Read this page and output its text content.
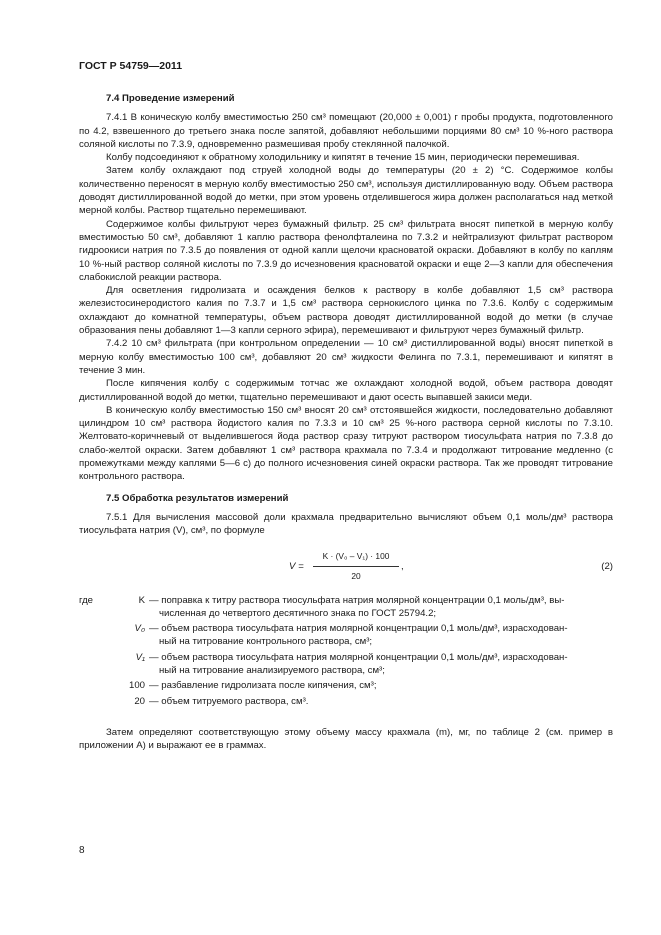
ГОСТ Р 54759—2011

7.4 Проведение измерений

7.4.1 В коническую колбу вместимостью 250 см³ помещают (20,000 ± 0,001) г пробы продукта, подготовленного по 4.2, взвешенного до третьего знака после запятой, добавляют небольшими порциями 80 см³ 10 %-ного раствора соляной кислоты по 7.3.9, одновременно размешивая пробу стеклянной палочкой.

Колбу подсоединяют к обратному холодильнику и кипятят в течение 15 мин, периодически перемешивая.

Затем колбу охлаждают под струей холодной воды до температуры (20 ± 2) °С. Содержимое колбы количественно переносят в мерную колбу вместимостью 250 см³, используя дистиллированную воду. Объем раствора доводят дистиллированной водой до метки, при этом уровень отделившегося жира должен располагаться над меткой мерной колбы. Раствор тщательно перемешивают.

Содержимое колбы фильтруют через бумажный фильтр. 25 см³ фильтрата вносят пипеткой в мерную колбу вместимостью 50 см³, добавляют 1 каплю раствора фенолфталеина по 7.3.2 и нейтрализуют фильтрат раствором гидроокиси натрия по 7.3.5 до появления от одной капли щелочи красноватой окраски. Добавляют в колбу по каплям 10 %-ный раствор соляной кислоты по 7.3.9 до исчезновения красноватой окраски и еще 2—3 капли для обеспечения слабокислой реакции раствора.

Для осветления гидролизата и осаждения белков к раствору в колбе добавляют 1,5 см³ раствора железистосинеродистого калия по 7.3.7 и 1,5 см³ раствора сернокислого цинка по 7.3.6. Колбу с содержимым охлаждают до комнатной температуры, объем раствора доводят дистиллированной водой до метки (в случае образования пены добавляют 1—3 капли серного эфира), перемешивают и фильтруют через бумажный фильтр.

7.4.2 10 см³ фильтрата (при контрольном определении — 10 см³ дистиллированной воды) вносят пипеткой в мерную колбу вместимостью 100 см³, добавляют 20 см³ жидкости Фелинга по 7.3.1, перемешивают и кипятят в течение 3 мин.

После кипячения колбу с содержимым тотчас же охлаждают холодной водой, объем раствора доводят дистиллированной водой до метки, тщательно перемешивают и дают осесть выпавшей закиси меди.

В коническую колбу вместимостью 150 см³ вносят 20 см³ отстоявшейся жидкости, последовательно добавляют цилиндром 10 см³ раствора йодистого калия по 7.3.3 и 10 см³ 25 %-ного раствора серной кислоты по 7.3.10. Желтовато-коричневый от выделившегося йода раствор сразу титруют раствором тиосульфата натрия по 7.3.8 до слабо-желтой окраски. Затем добавляют 1 см³ раствора крахмала по 7.3.4 и продолжают титрование медленно (с промежутками между каплями 5—6 с) до полного исчезновения синей окраски раствора. Так же проводят титрование контрольного раствора.

7.5 Обработка результатов измерений

7.5.1 Для вычисления массовой доли крахмала предварительно вычисляют объем 0,1 моль/дм³ раствора тиосульфата натрия (V), см³, по формуле

$V = \frac{\text{K · (V₀ – V₁) · 100}}{20}$ ,	(2)
где	K — поправка к титру раствора тиосульфата натрия молярной концентрации 0,1 моль/дм³, вы-
численная до четвертого десятичного знака по ГОСТ 25794.2;
V₀ — объем раствора тиосульфата натрия молярной концентрации 0,1 моль/дм³, израсходован-
ный на титрование контрольного раствора, см³;
V₁ — объем раствора тиосульфата натрия молярной концентрации 0,1 моль/дм³, израсходован-
ный на титрование анализируемого раствора, см³;
100 — разбавление гидролизата после кипячения, см³;
20 — объем титруемого раствора, см³.

Затем определяют соответствующую этому объему массу крахмала (m), мг, по таблице 2 (см. пример в приложении А) и выражают ее в граммах.

8
